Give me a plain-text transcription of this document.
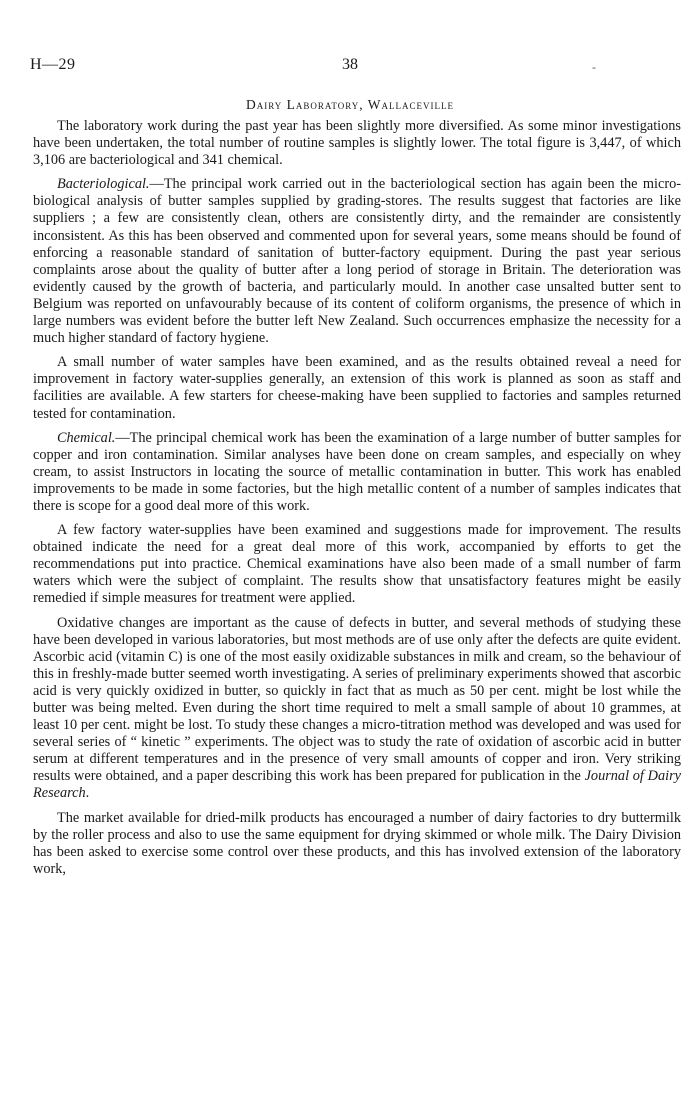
H—29	38	-
Dairy Laboratory, Wallaceville

The laboratory work during the past year has been slightly more diversified. As some minor investigations have been undertaken, the total number of routine samples is slightly lower. The total figure is 3,447, of which 3,106 are bacteriological and 341 chemical.

Bacteriological.—The principal work carried out in the bacteriological section has again been the micro-biological analysis of butter samples supplied by grading-stores. The results suggest that factories are like suppliers ; a few are consistently clean, others are consistently dirty, and the remainder are consistently inconsistent. As this has been observed and commented upon for several years, some means should be found of enforcing a reasonable standard of sanitation of butter-factory equipment. During the past year serious complaints arose about the quality of butter after a long period of storage in Britain. The deterioration was evidently caused by the growth of bacteria, and particularly mould. In another case unsalted butter sent to Belgium was reported on unfavourably because of its content of coliform organisms, the presence of which in large numbers was evident before the butter left New Zealand. Such occurrences emphasize the necessity for a much higher standard of factory hygiene.

A small number of water samples have been examined, and as the results obtained reveal a need for improvement in factory water-supplies generally, an extension of this work is planned as soon as staff and facilities are available. A few starters for cheese-making have been supplied to factories and samples returned tested for contamination.

Chemical.—The principal chemical work has been the examination of a large number of butter samples for copper and iron contamination. Similar analyses have been done on cream samples, and especially on whey cream, to assist Instructors in locating the source of metallic contamination in butter. This work has enabled improvements to be made in some factories, but the high metallic content of a number of samples indicates that there is scope for a good deal more of this work.

A few factory water-supplies have been examined and suggestions made for improvement. The results obtained indicate the need for a great deal more of this work, accompanied by efforts to get the recommendations put into practice. Chemical examinations have also been made of a small number of farm waters which were the subject of complaint. The results show that unsatisfactory features might be easily remedied if simple measures for treatment were applied.

Oxidative changes are important as the cause of defects in butter, and several methods of studying these have been developed in various laboratories, but most methods are of use only after the defects are quite evident. Ascorbic acid (vitamin C) is one of the most easily oxidizable substances in milk and cream, so the behaviour of this in freshly-made butter seemed worth investigating. A series of preliminary experiments showed that ascorbic acid is very quickly oxidized in butter, so quickly in fact that as much as 50 per cent. might be lost while the butter was being melted. Even during the short time required to melt a small sample of about 10 grammes, at least 10 per cent. might be lost. To study these changes a micro-titration method was developed and was used for several series of “ kinetic ” experiments. The object was to study the rate of oxidation of ascorbic acid in butter serum at different temperatures and in the presence of very small amounts of copper and iron. Very striking results were obtained, and a paper describing this work has been prepared for publication in the Journal of Dairy Research.

The market available for dried-milk products has encouraged a number of dairy factories to dry buttermilk by the roller process and also to use the same equipment for drying skimmed or whole milk. The Dairy Division has been asked to exercise some control over these products, and this has involved extension of the laboratory work,
